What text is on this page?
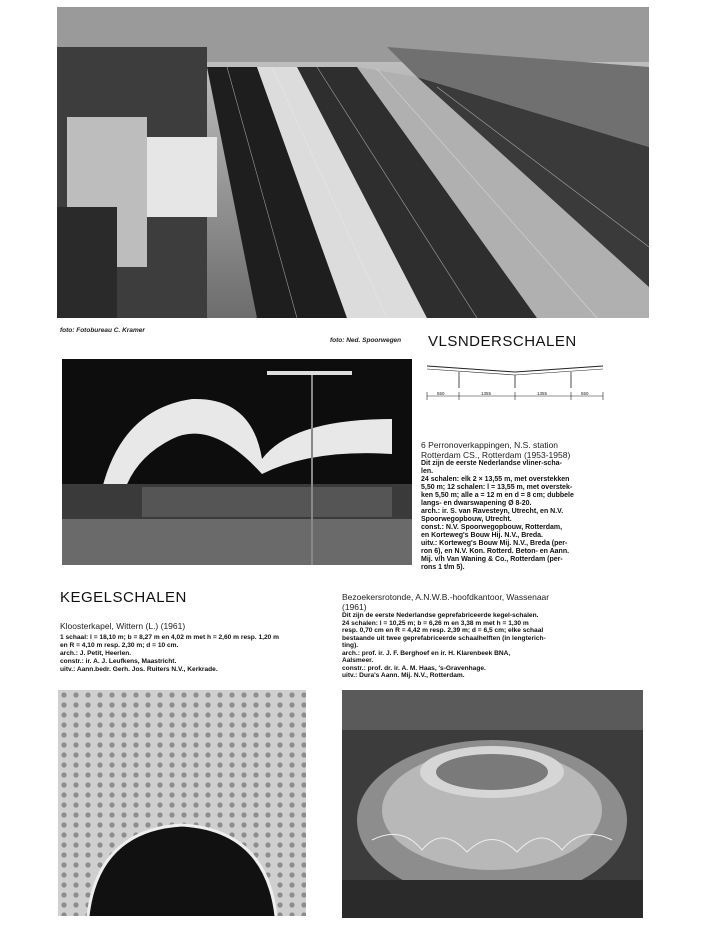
foto: Fotobureau C. Kramer
foto: Ned. Spoorwegen VLSNDERSCHALEN
550	1355	1355	550
6 Perronoverkappingen, N.S. station
Rotterdam CS., Rotterdam (1953-1958)
Dit zijn de eerste Nederlandse vliner-scha-
len.
24 schalen: elk 2 × 13,55 m, met overstekken
5,50 m; 12 schalen: l = 13,55 m, met overstek-
ken 5,50 m; alle a = 12 m en d = 8 cm; dubbele
langs- en dwarswapening Ø 8-20.
arch.: ir. S. van Ravesteyn, Utrecht, en N.V.
Spoorwegopbouw, Utrecht.
const.: N.V. Spoorwegopbouw, Rotterdam,
en Korteweg's Bouw Hij. N.V., Breda.
uitv.: Korteweg's Bouw Mij. N.V., Breda (per-
ron 6), en N.V. Kon. Rotterd. Beton- en Aann.
Mij. v/h Van Waning & Co., Rotterdam (per-
rons 1 t/m 5).
KEGELSCHALEN
Kloosterkapel, Wittern (L.) (1961)
1 schaal: l = 18,10 m; b = 8,27 m en 4,02 m met h = 2,60 m resp. 1,20 m
en R = 4,10 m resp. 2,30 m; d = 10 cm.
arch.: J. Petit, Heerlen.
constr.: ir. A. J. Leufkens, Maastricht.
uitv.: Aann.bedr. Gerh. Jos. Ruiters N.V., Kerkrade.
Bezoekersrotonde, A.N.W.B.-hoofdkantoor, Wassenaar
(1961)
Dit zijn de eerste Nederlandse geprefabriceerde kegel-schalen.
24 schalen: l = 10,25 m; b = 6,26 m en 3,38 m met h = 1,30 m
resp. 0,70 cm en R = 4,42 m resp. 2,39 m; d = 6,5 cm; elke schaal
bestaande uit twee geprefabriceerde schaalhelften (in lengterich-
ting).
arch.: prof. ir. J. F. Berghoef en ir. H. Klarenbeek BNA,
Aalsmeer.
constr.: prof. dr. ir. A. M. Haas, 's-Gravenhage.
uitv.: Dura's Aann. Mij. N.V., Rotterdam.
